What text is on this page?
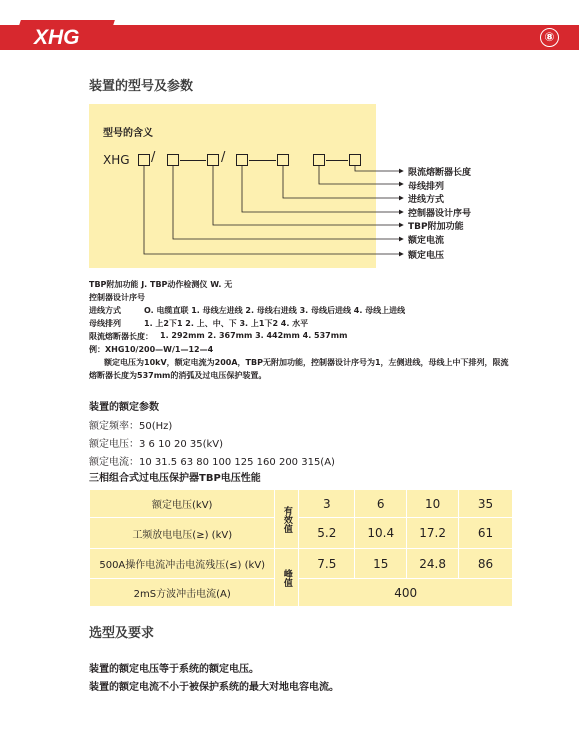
XHG	⑧
装置的型号及参数
型号的含义
XHG /	/
限流熔断器长度
母线排列
进线方式
控制器设计序号
TBP附加功能
额定电流
额定电压
TBP附加功能 J. TBP动作检测仪 W. 无
控制器设计序号
进线方式	O. 电缆直联 1. 母线左进线 2. 母线右进线 3. 母线后进线 4. 母线上进线
母线排列	1. 上2下1 2. 上、中、下 3. 上1下2 4. 水平
限流熔断器长度： 1. 292mm 2. 367mm 3. 442mm 4. 537mm
例：XHG10/200—W/1—12—4
额定电压为10kV，额定电流为200A，TBP无附加功能，控制器设计序号为1，左侧进线，母线上中下排列，限流
熔断器长度为537mm的消弧及过电压保护装置。
装置的额定参数
额定频率：50(Hz)
额定电压：3 6 10 20 35(kV)
额定电流：10 31.5 63 80 100 125 160 200 315(A)
三相组合式过电压保护器TBP电压性能
额定电压(kV)	有效值	3	6	10	35
工频放电电压(≥) (kV)		5.2	10.4	17.2	61
500A操作电流冲击电流残压(≤) (kV)	峰值	7.5	15	24.8	86
2mS方波冲击电流(A)		400			
选型及要求
装置的额定电压等于系统的额定电压。
装置的额定电流不小于被保护系统的最大对地电容电流。
